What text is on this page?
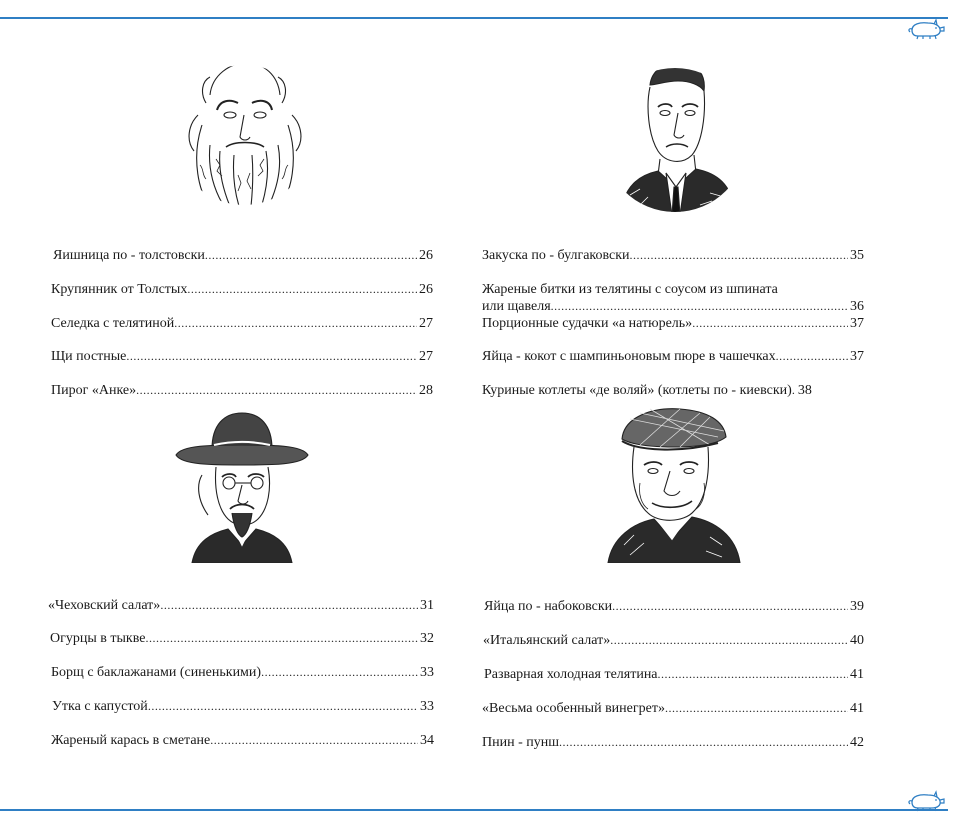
Яишница по - толстовски .....	26
Крупянник от Толстых .....	26
Селедка с телятиной .....	27
Щи постные .....	27
Пирог «Анке» .....	28
Закуска по - булгаковски .....	35
Жареные битки из телятины с соусом из шпината
или щавеля .....	36
Порционные судачки «а натюрель» .....	37
Яйца - кокот с шампиньоновым пюре в чашечках .....	37
Куриные котлеты «де воляй» (котлеты по - киевски) ..... 38
«Чеховский салат» .....	31
Огурцы в тыкве .....	32
Борщ с баклажанами (синенькими) .....	33
Утка с капустой .....	33
Жареный карась в сметане .....	34
Яйца по - набоковски .....	39
«Итальянский салат» .....	40
Разварная холодная телятина .....	41
«Весьма особенный винегрет» .....	41
Пнин - пунш .....	42
